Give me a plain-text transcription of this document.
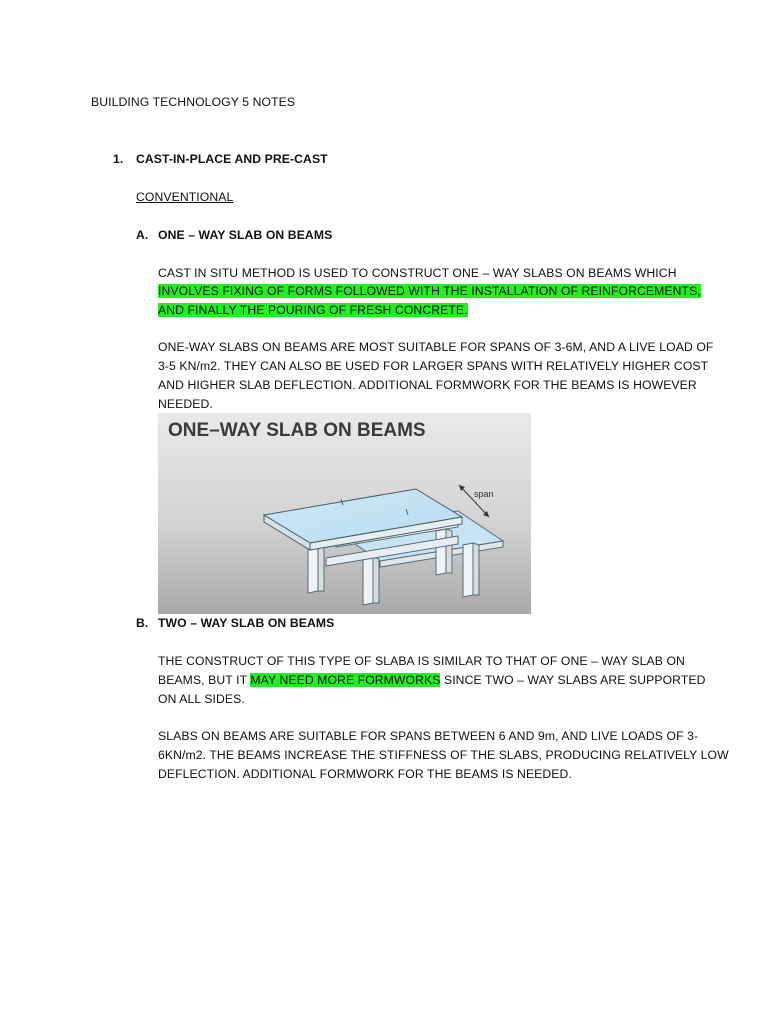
BUILDING TECHNOLOGY 5 NOTES
1. CAST-IN-PLACE AND PRE-CAST
CONVENTIONAL
A. ONE – WAY SLAB ON BEAMS
CAST IN SITU METHOD IS USED TO CONSTRUCT ONE – WAY SLABS ON BEAMS WHICH
INVOLVES FIXING OF FORMS FOLLOWED WITH THE INSTALLATION OF REINFORCEMENTS,
AND FINALLY THE POURING OF FRESH CONCRETE.
ONE-WAY SLABS ON BEAMS ARE MOST SUITABLE FOR SPANS OF 3-6M, AND A LIVE LOAD OF
3-5 KN/m2. THEY CAN ALSO BE USED FOR LARGER SPANS WITH RELATIVELY HIGHER COST
AND HIGHER SLAB DEFLECTION. ADDITIONAL FORMWORK FOR THE BEAMS IS HOWEVER
NEEDED.
ONE–WAY SLAB ON BEAMS
span
B. TWO – WAY SLAB ON BEAMS
THE CONSTRUCT OF THIS TYPE OF SLABA IS SIMILAR TO THAT OF ONE – WAY SLAB ON
BEAMS, BUT IT MAY NEED MORE FORMWORKS SINCE TWO – WAY SLABS ARE SUPPORTED
ON ALL SIDES.
SLABS ON BEAMS ARE SUITABLE FOR SPANS BETWEEN 6 AND 9m, AND LIVE LOADS OF 3-
6KN/m2. THE BEAMS INCREASE THE STIFFNESS OF THE SLABS, PRODUCING RELATIVELY LOW
DEFLECTION. ADDITIONAL FORMWORK FOR THE BEAMS IS NEEDED.
